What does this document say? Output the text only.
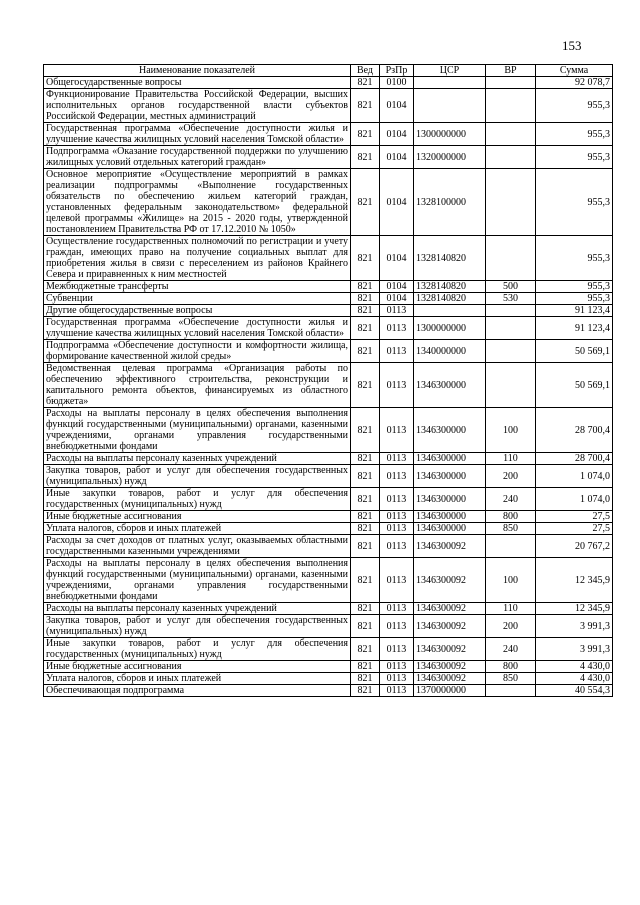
153
Наименование показателей	Вед	РзПр	ЦСР	ВР	Сумма
Общегосударственные вопросы	821	0100			92 078,7
Функционирование Правительства Российской Федерации, высших исполнительных органов государственной власти субъектов Российской Федерации, местных администраций	821	0104			955,3
Государственная программа «Обеспечение доступности жилья и улучшение качества жилищных условий населения Томской области»	821	0104	1300000000		955,3
Подпрограмма «Оказание государственной поддержки по улучшению жилищных условий отдельных категорий граждан»	821	0104	1320000000		955,3
Основное мероприятие «Осуществление мероприятий в рамках реализации подпрограммы «Выполнение государственных обязательств по обеспечению жильем категорий граждан, установленных федеральным законодательством» федеральной целевой программы «Жилище» на 2015 - 2020 годы, утвержденной постановлением Правительства РФ от 17.12.2010 № 1050»	821	0104	1328100000		955,3
Осуществление государственных полномочий по регистрации и учету граждан, имеющих право на получение социальных выплат для приобретения жилья в связи с переселением из районов Крайнего Севера и приравненных к ним местностей	821	0104	1328140820		955,3
Межбюджетные трансферты	821	0104	1328140820	500	955,3
Субвенции	821	0104	1328140820	530	955,3
Другие общегосударственные вопросы	821	0113			91 123,4
Государственная программа «Обеспечение доступности жилья и улучшение качества жилищных условий населения Томской области»	821	0113	1300000000		91 123,4
Подпрограмма «Обеспечение доступности и комфортности жилища, формирование качественной жилой среды»	821	0113	1340000000		50 569,1
Ведомственная целевая программа «Организация работы по обеспечению эффективного строительства, реконструкции и капитального ремонта объектов, финансируемых из областного бюджета»	821	0113	1346300000		50 569,1
Расходы на выплаты персоналу в целях обеспечения выполнения функций государственными (муниципальными) органами, казенными учреждениями, органами управления государственными внебюджетными фондами	821	0113	1346300000	100	28 700,4
Расходы на выплаты персоналу казенных учреждений	821	0113	1346300000	110	28 700,4
Закупка товаров, работ и услуг для обеспечения государственных (муниципальных) нужд	821	0113	1346300000	200	1 074,0
Иные закупки товаров, работ и услуг для обеспечения государственных (муниципальных) нужд	821	0113	1346300000	240	1 074,0
Иные бюджетные ассигнования	821	0113	1346300000	800	27,5
Уплата налогов, сборов и иных платежей	821	0113	1346300000	850	27,5
Расходы за счет доходов от платных услуг, оказываемых областными государственными казенными учреждениями	821	0113	1346300092		20 767,2
Расходы на выплаты персоналу в целях обеспечения выполнения функций государственными (муниципальными) органами, казенными учреждениями, органами управления государственными внебюджетными фондами	821	0113	1346300092	100	12 345,9
Расходы на выплаты персоналу казенных учреждений	821	0113	1346300092	110	12 345,9
Закупка товаров, работ и услуг для обеспечения государственных (муниципальных) нужд	821	0113	1346300092	200	3 991,3
Иные закупки товаров, работ и услуг для обеспечения государственных (муниципальных) нужд	821	0113	1346300092	240	3 991,3
Иные бюджетные ассигнования	821	0113	1346300092	800	4 430,0
Уплата налогов, сборов и иных платежей	821	0113	1346300092	850	4 430,0
Обеспечивающая подпрограмма	821	0113	1370000000		40 554,3
